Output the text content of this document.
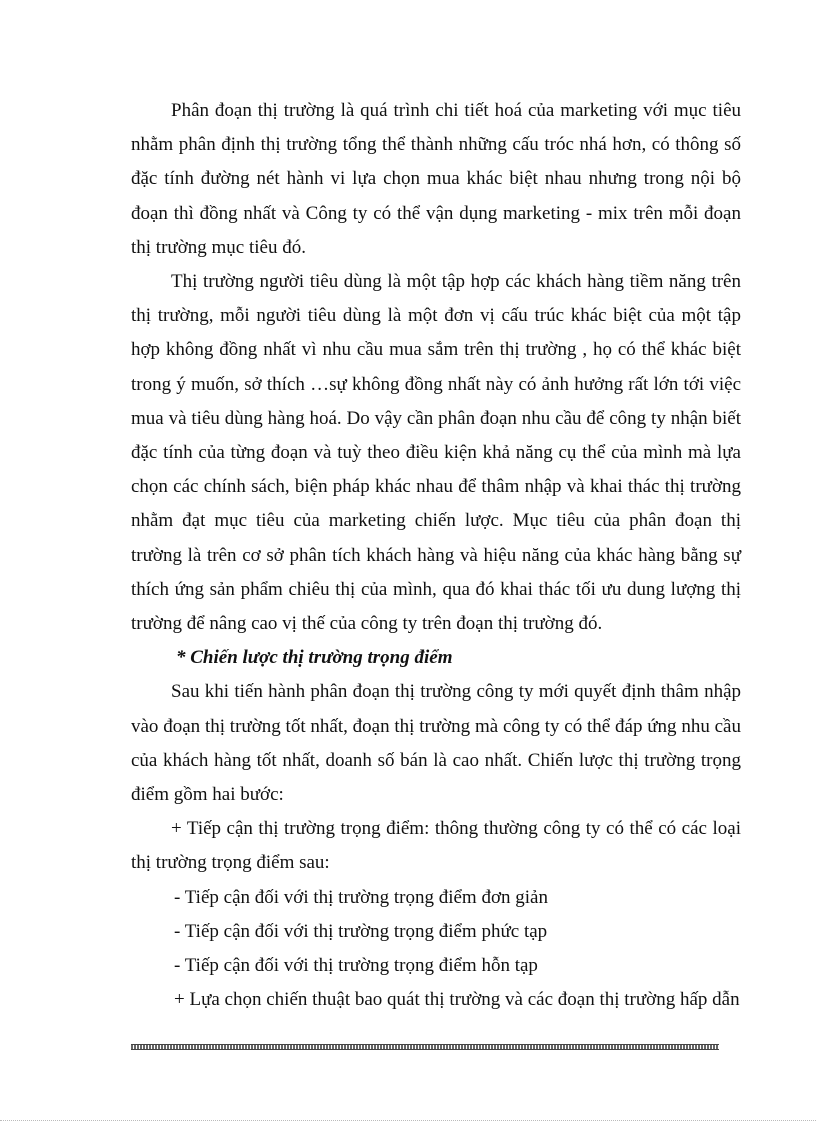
Phân đoạn thị trường là quá trình chi tiết hoá của marketing với mục tiêu nhằm phân định thị trường tổng thể thành những cấu tróc nhá hơn, có thông số đặc tính đường nét hành vi lựa chọn mua khác biệt nhau nhưng trong nội bộ đoạn thì đồng nhất và Công ty có thể vận dụng marketing - mix trên mỗi đoạn thị trường mục tiêu đó.

Thị trường người tiêu dùng là một tập hợp các khách hàng tiềm năng trên thị trường, mỗi người tiêu dùng là một đơn vị cấu trúc khác biệt của một tập hợp không đồng nhất vì nhu cầu mua sắm trên thị trường , họ có thể khác biệt trong ý muốn, sở thích …sự không đồng nhất này có ảnh hưởng rất lớn tới việc mua và tiêu dùng hàng hoá. Do vậy cần phân đoạn nhu cầu để công ty nhận biết đặc tính của từng đoạn và tuỳ theo điều kiện khả năng cụ thể của mình mà lựa chọn các chính sách, biện pháp khác nhau để thâm nhập và khai thác thị trường nhằm đạt mục tiêu của marketing chiến lược. Mục tiêu của phân đoạn thị trường là trên cơ sở phân tích khách hàng và hiệu năng của khác hàng bằng sự thích ứng sản phẩm chiêu thị của mình, qua đó khai thác tối ưu dung lượng thị trường để nâng cao vị thế của công ty trên đoạn thị trường đó.

* Chiến lược thị trường trọng điểm

Sau khi tiến hành phân đoạn thị trường công ty mới quyết định thâm nhập vào đoạn thị trường tốt nhất, đoạn thị trường mà công ty có thể đáp ứng nhu cầu của khách hàng tốt nhất, doanh số bán là cao nhất. Chiến lược thị trường trọng điểm gồm hai bước:

+ Tiếp cận thị trường trọng điểm: thông thường công ty có thể có các loại thị trường trọng điểm sau:

- Tiếp cận đối với thị trường trọng điểm đơn giản

- Tiếp cận đối với thị trường trọng điểm phức tạp

- Tiếp cận đối với thị trường trọng điểm hỗn tạp

+ Lựa chọn chiến thuật bao quát thị trường và các đoạn thị trường hấp dẫn
